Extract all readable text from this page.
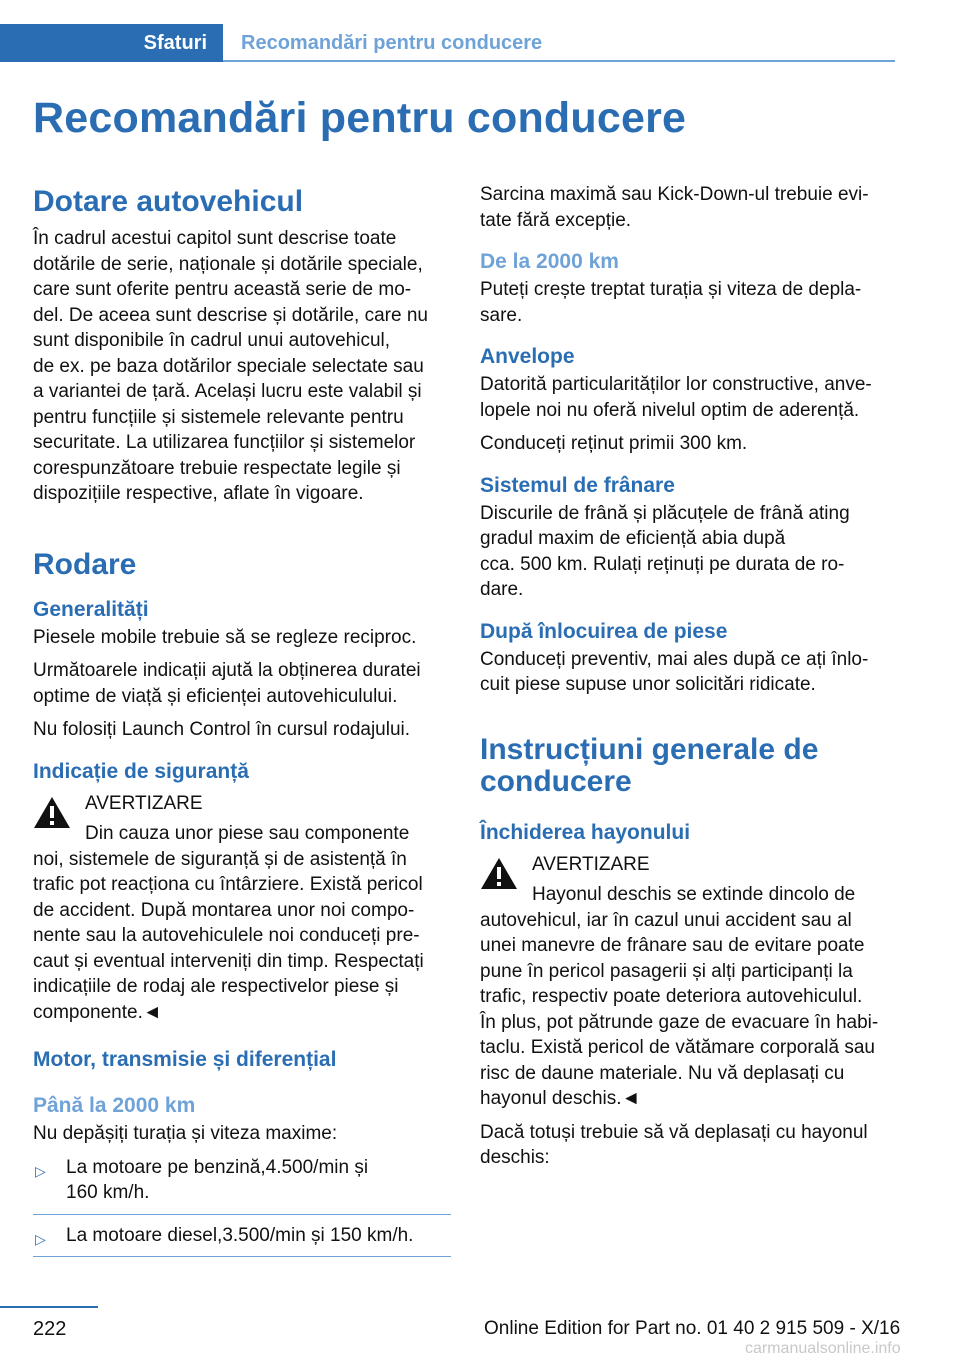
Sfaturi	Recomandări pentru conducere
Recomandări pentru conducere
Dotare autovehicul

În cadrul acestui capitol sunt descrise toate

dotările de serie, naționale și dotările speciale,

care sunt oferite pentru această serie de mo‐

del. De aceea sunt descrise și dotările, care nu

sunt disponibile în cadrul unui autovehicul,

de ex. pe baza dotărilor speciale selectate sau

a variantei de țară. Același lucru este valabil și

pentru funcțiile și sistemele relevante pentru

securitate. La utilizarea funcțiilor și sistemelor

corespunzătoare trebuie respectate legile și

dispozițiile respective, aflate în vigoare.

Rodare
Generalități

Piesele mobile trebuie să se regleze reciproc.

Următoarele indicații ajută la obținerea duratei

optime de viață și eficienței autovehiculului.

Nu folosiți Launch Control în cursul rodajului.

Indicație de siguranță

AVERTIZARE

Din cauza unor piese sau componente

noi, sistemele de siguranță și de asistență în

trafic pot reacționa cu întârziere. Există pericol

de accident. După montarea unor noi compo‐

nente sau la autovehiculele noi conduceți pre‐

caut și eventual interveniți din timp. Respectați

indicațiile de rodaj ale respectivelor piese și

componente.◄

Motor, transmisie și diferențial
Până la 2000 km

Nu depășiți turația și viteza maxime:

▷ La motoare pe benzină,4.500/min și
160 km/h.
▷ La motoare diesel,3.500/min și 150 km/h.

Sarcina maximă sau Kick-Down-ul trebuie evi‐

tate fără excepție.

De la 2000 km

Puteți crește treptat turația și viteza de depla‐

sare.

Anvelope

Datorită particularităților lor constructive, anve‐

lopele noi nu oferă nivelul optim de aderență.

Conduceți reținut primii 300 km.

Sistemul de frânare

Discurile de frână și plăcuțele de frână ating

gradul maxim de eficiență abia după

cca. 500 km. Rulați reținuți pe durata de ro‐

dare.

După înlocuirea de piese

Conduceți preventiv, mai ales după ce ați înlo‐

cuit piese supuse unor solicitări ridicate.

Instrucțiuni generale de
conducere
Închiderea hayonului

AVERTIZARE

Hayonul deschis se extinde dincolo de

autovehicul, iar în cazul unui accident sau al

unei manevre de frânare sau de evitare poate

pune în pericol pasagerii și alți participanți la

trafic, respectiv poate deteriora autovehiculul.

În plus, pot pătrunde gaze de evacuare în habi‐

taclu. Există pericol de vătămare corporală sau

risc de daune materiale. Nu vă deplasați cu

hayonul deschis.◄

Dacă totuși trebuie să vă deplasați cu hayonul

deschis:

222	Online Edition for Part no. 01 40 2 915 509 - X/16
carmanualsonline.info
